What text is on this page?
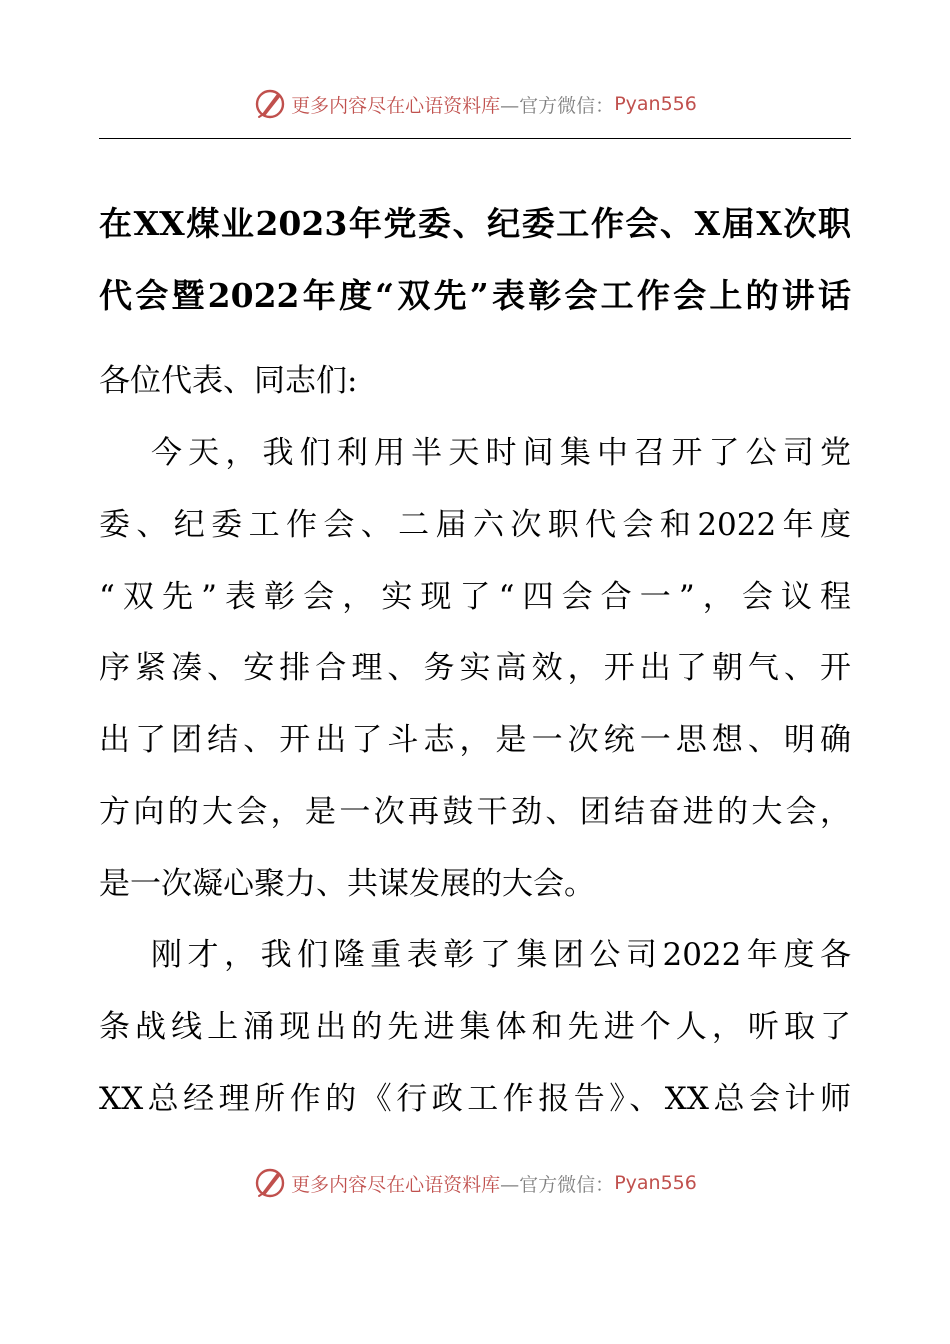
更多内容尽在心语资料库 —官方微信： Pyan556
在XX煤业2023年党委、纪委工作会、X届X次职
代会暨2022年度“双先”表彰会工作会上的讲话
各位代表、同志们:
今天，我们利用半天时间集中召开了公司党
委、纪委工作会、二届六次职代会和2022年度
“双先”表彰会，实现了“四会合一”，会议程
序紧凑、安排合理、务实高效，开出了朝气、开
出了团结、开出了斗志，是一次统一思想、明确
方向的大会，是一次再鼓干劲、团结奋进的大会，
是一次凝心聚力、共谋发展的大会。
刚才，我们隆重表彰了集团公司2022年度各
条战线上涌现出的先进集体和先进个人，听取了
XX总经理所作的《行政工作报告》、XX总会计师
更多内容尽在心语资料库 —官方微信： Pyan556
